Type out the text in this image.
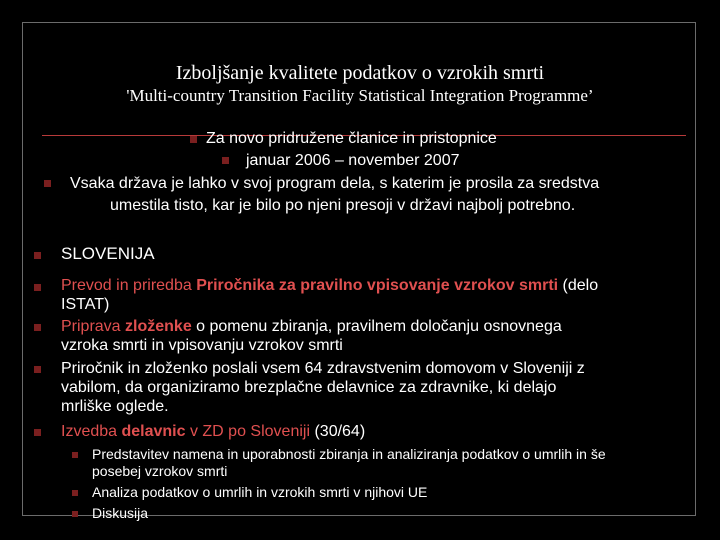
Izboljšanje kvalitete podatkov o vzrokih smrti
'Multi-country Transition Facility Statistical Integration Programme’
Za novo pridružene članice in pristopnice
januar 2006 – november 2007
Vsaka država je lahko v svoj program dela, s katerim je prosila za sredstva
umestila tisto, kar je bilo po njeni presoji v državi najbolj potrebno.
SLOVENIJA
Prevod in priredba Priročnika za pravilno vpisovanje vzrokov smrti (delo
ISTAT)
Priprava zloženke o pomenu zbiranja, pravilnem določanju osnovnega
vzroka smrti in vpisovanju vzrokov smrti
Priročnik in zloženko poslali vsem 64 zdravstvenim domovom v Sloveniji z
vabilom, da organiziramo brezplačne delavnice za zdravnike, ki delajo
mrliške oglede.
Izvedba delavnic v ZD po Sloveniji (30/64)
Predstavitev namena in uporabnosti zbiranja in analiziranja podatkov o umrlih in še
posebej vzrokov smrti
Analiza podatkov o umrlih in vzrokih smrti v njihovi UE
Diskusija
